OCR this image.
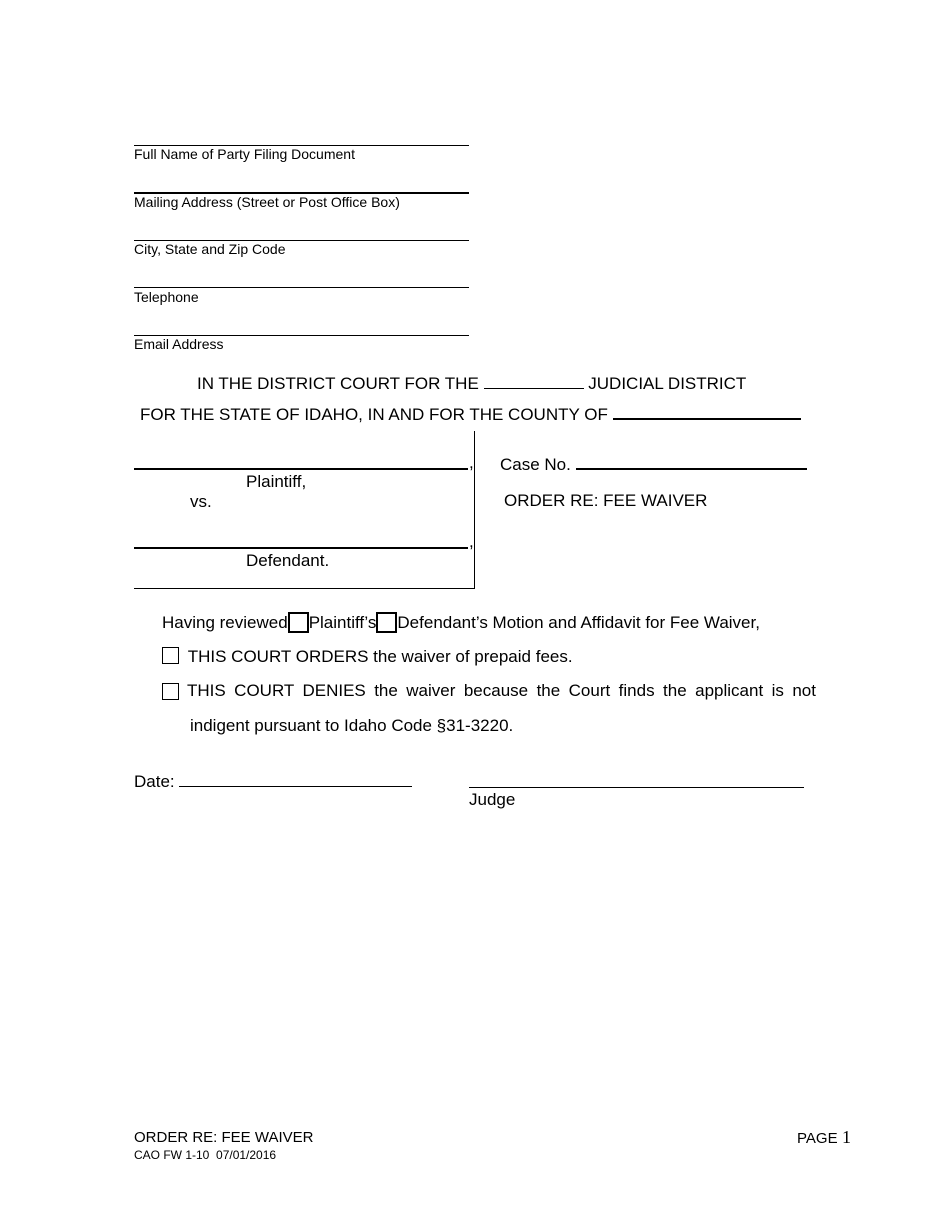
Full Name of Party Filing Document
Mailing Address (Street or Post Office Box)
City, State and Zip Code
Telephone
Email Address
IN THE DISTRICT COURT FOR THE	JUDICIAL DISTRICT
FOR THE STATE OF IDAHO, IN AND FOR THE COUNTY OF
,
Plaintiff,
vs.
,
Defendant.
Case No.
ORDER RE: FEE WAIVER
Having reviewed Plaintiff’s Defendant’s Motion and Affidavit for Fee Waiver,
THIS COURT ORDERS the waiver of prepaid fees.
THIS COURT DENIES the waiver because the Court finds the applicant is not
indigent pursuant to Idaho Code §31-3220.
Date:
Judge
ORDER RE: FEE WAIVER
CAO FW 1-10  07/01/2016
PAGE 1
